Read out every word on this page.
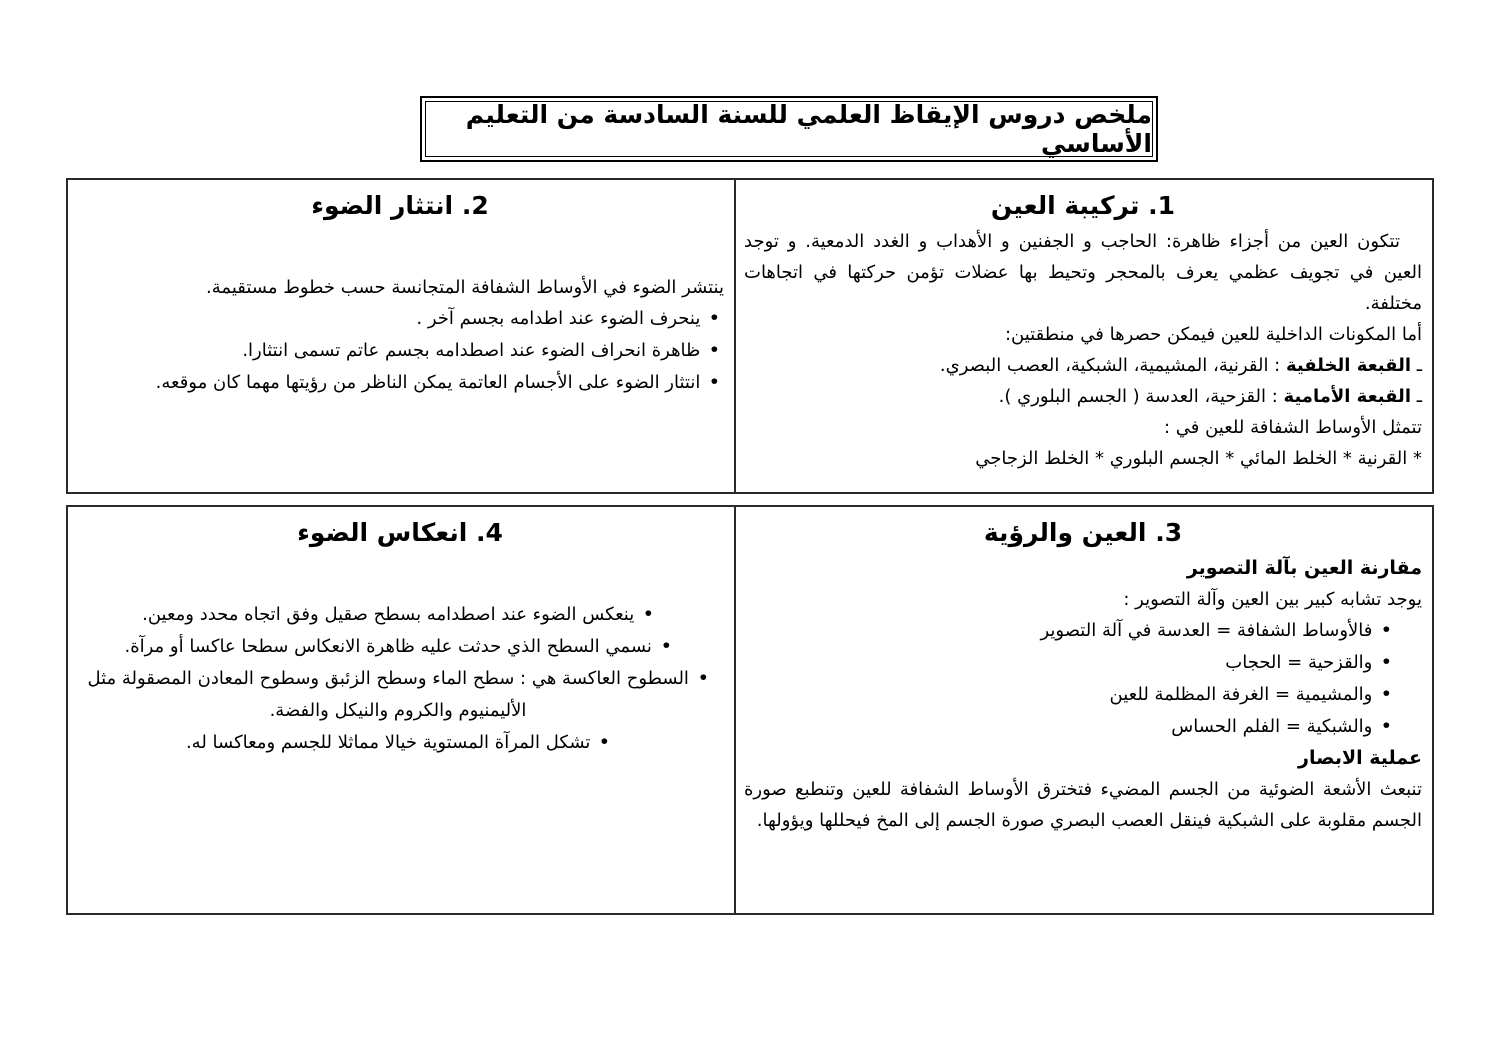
ملخص دروس الإيقاظ العلمي للسنة السادسة من التعليم الأساسي
1. تركيبة العين
تتكون العين من أجزاء ظاهرة: الحاجب و الجفنين و الأهداب و الغدد الدمعية. و توجد العين في تجويف عظمي يعرف بالمحجر وتحيط بها عضلات تؤمن حركتها في اتجاهات مختلفة.
أما المكونات الداخلية للعين فيمكن حصرها في منطقتين:
ـ القبعة الخلفية : القرنية، المشيمية، الشبكية، العصب البصري.
ـ القبعة الأمامية : القزحية، العدسة ( الجسم البلوري ).
تتمثل الأوساط الشفافة للعين في :
* القرنية * الخلط المائي * الجسم البلوري * الخلط الزجاجي
2. انتثار الضوء
ينتشر الضوء في الأوساط الشفافة المتجانسة حسب خطوط مستقيمة.
•ينحرف الضوء عند اطدامه بجسم آخر .
•ظاهرة انحراف الضوء عند اصطدامه بجسم عاتم تسمى انتثارا.
•انتثار الضوء على الأجسام العاتمة يمكن الناظر من رؤيتها مهما كان موقعه.
3. العين والرؤية
مقارنة العين بآلة التصوير
يوجد تشابه كبير بين العين وآلة التصوير :
•فالأوساط الشفافة = العدسة في آلة التصوير
•والقزحية = الحجاب
•والمشيمية = الغرفة المظلمة للعين
•والشبكية = الفلم الحساس
عملية الابصار
تنبعث الأشعة الضوئية من الجسم المضيء فتخترق الأوساط الشفافة للعين وتنطبع صورة الجسم مقلوبة على الشبكية فينقل العصب البصري صورة الجسم إلى المخ فيحللها ويؤولها.
4. انعكاس الضوء
•ينعكس الضوء عند اصطدامه بسطح صقيل وفق اتجاه محدد ومعين.
•نسمي السطح الذي حدثت عليه ظاهرة الانعكاس سطحا عاكسا أو مرآة.
•السطوح العاكسة هي : سطح الماء وسطح الزئبق وسطوح المعادن المصقولة مثل الأليمنيوم والكروم والنيكل والفضة.
•تشكل المرآة المستوية خيالا مماثلا للجسم ومعاكسا له.
